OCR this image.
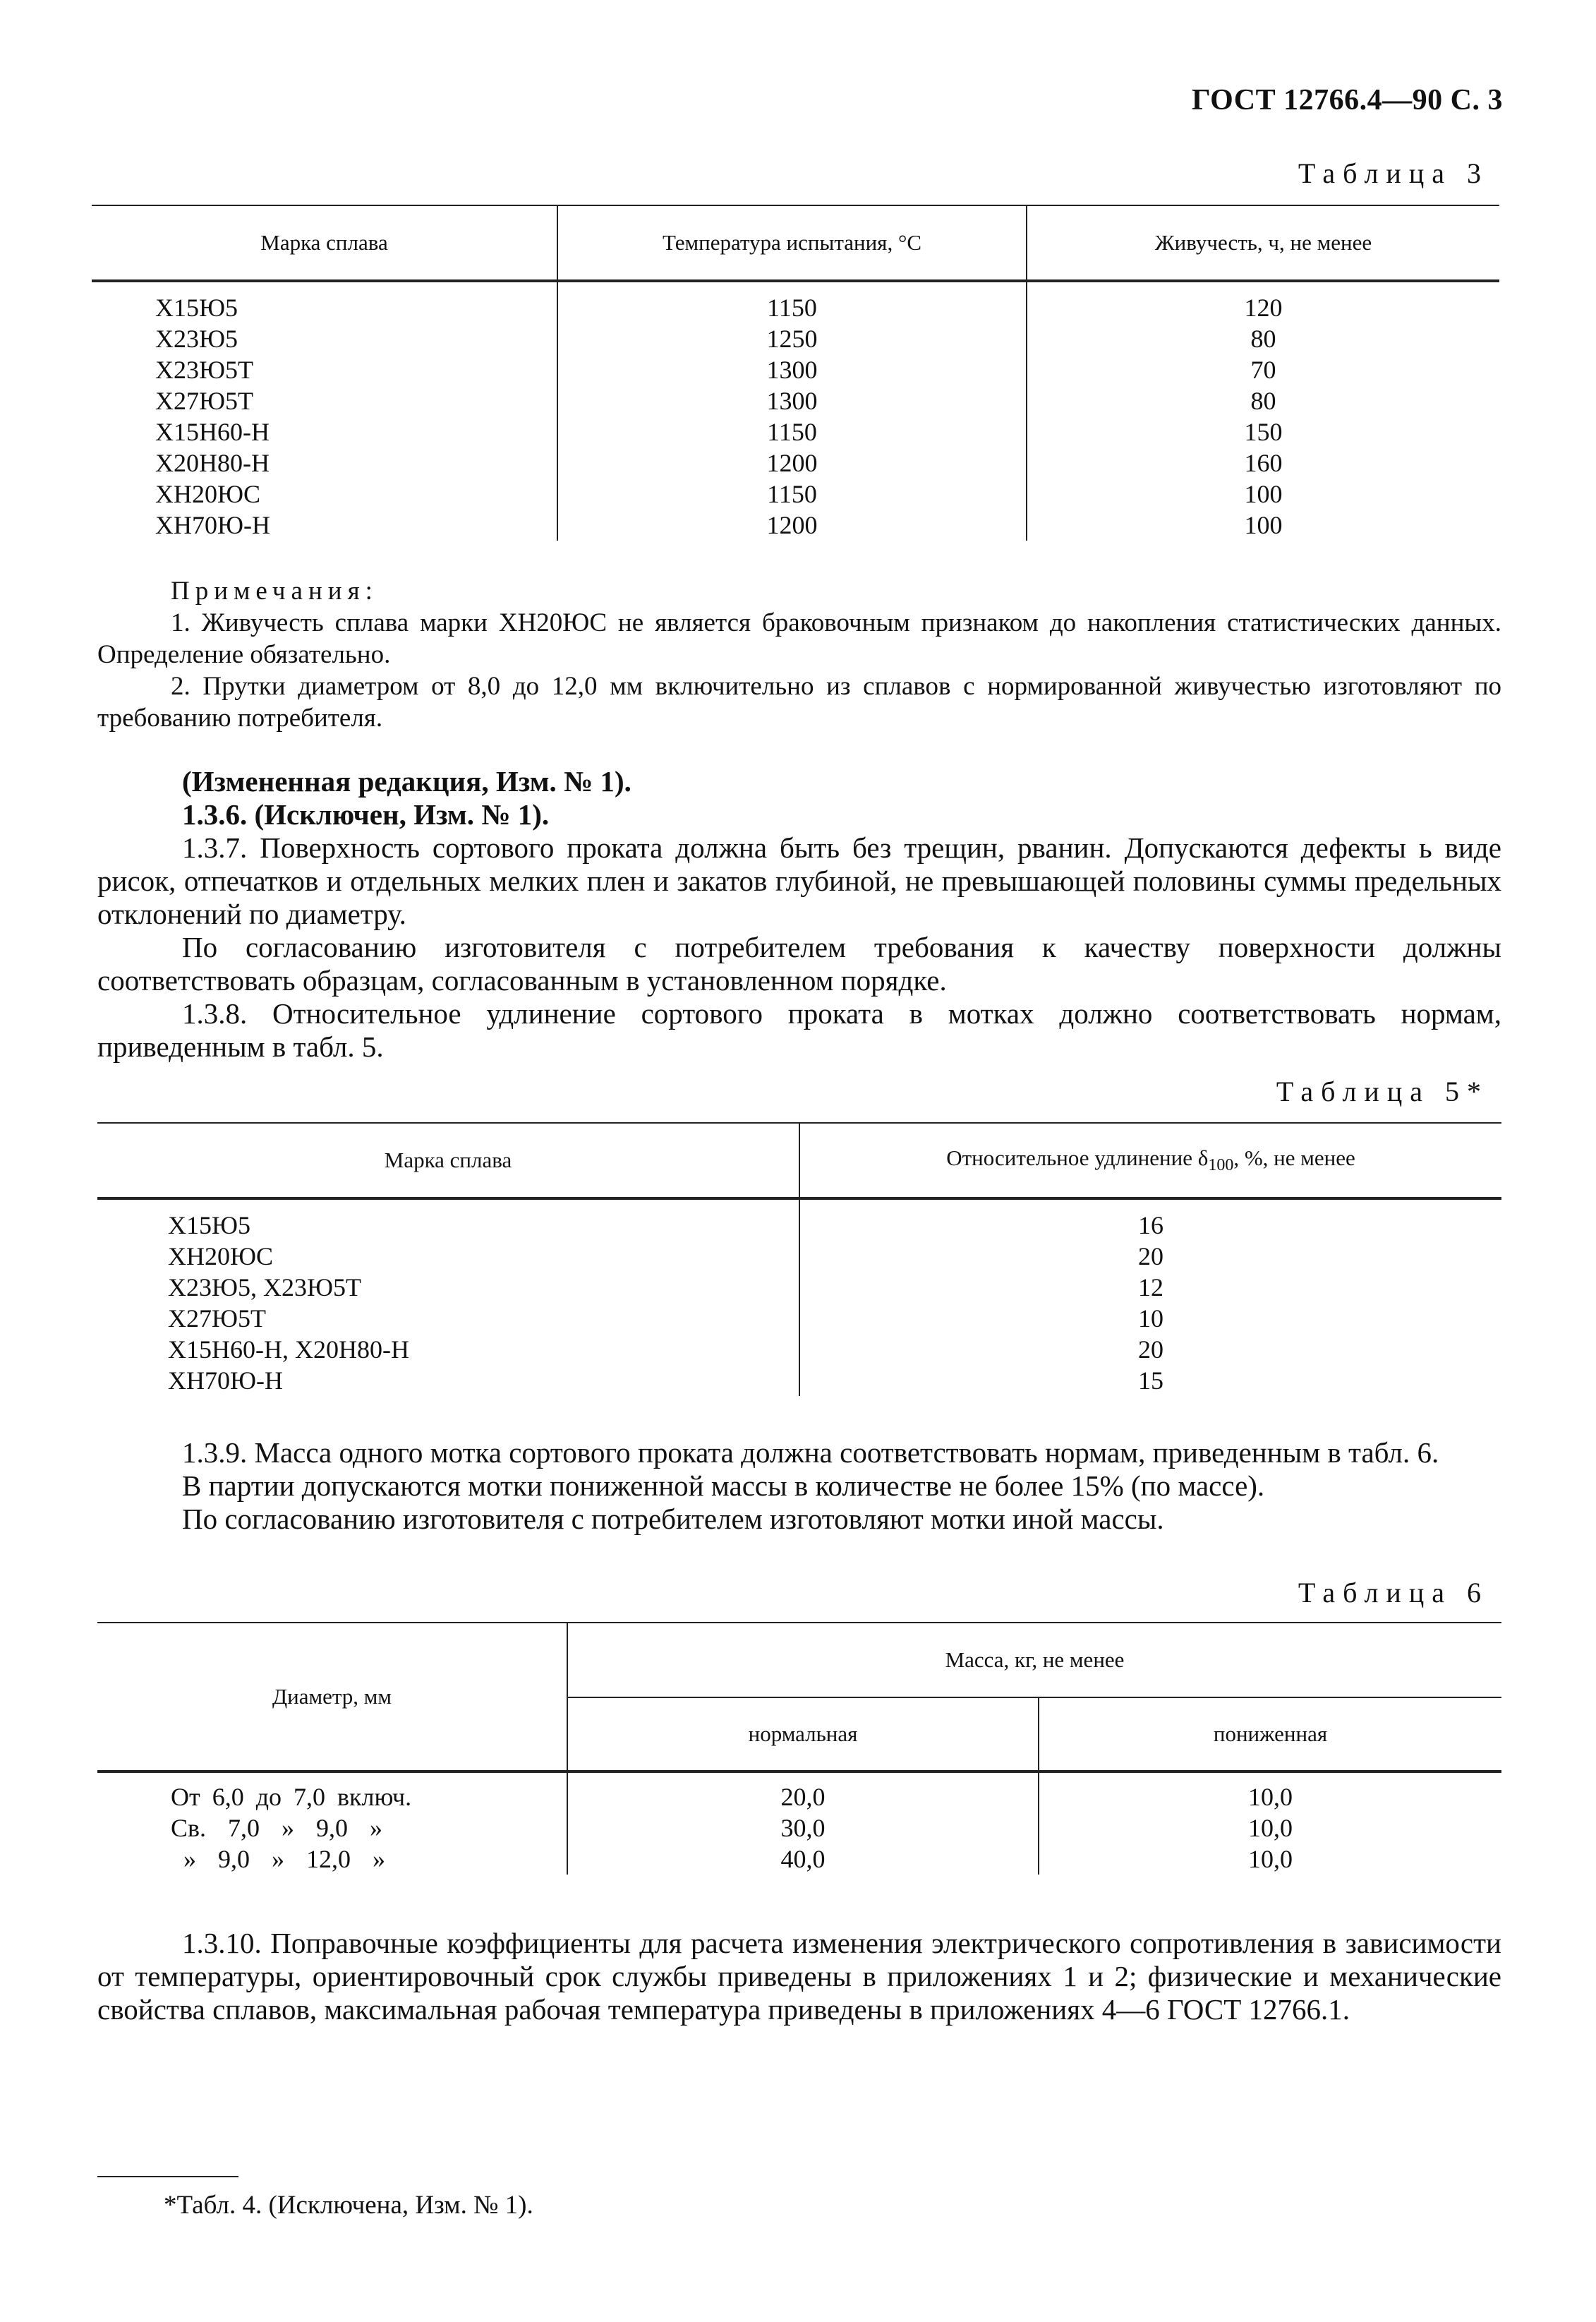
ГОСТ 12766.4—90 С. 3
Таблица 3
Марка сплава	Температура испытания, °С	Живучесть, ч, не менее
Х15Ю5	1150	120
Х23Ю5	1250	80
Х23Ю5Т	1300	70
Х27Ю5Т	1300	80
Х15Н60-Н	1150	150
Х20Н80-Н	1200	160
ХН20ЮС	1150	100
ХН70Ю-Н	1200	100
Примечания:
1. Живучесть сплава марки ХН20ЮС не является браковочным признаком до накопления статистических данных. Определение обязательно.
2. Прутки диаметром от 8,0 до 12,0 мм включительно из сплавов с нормированной живучестью изготовляют по требованию потребителя.
(Измененная редакция, Изм. № 1).
1.3.6. (Исключен, Изм. № 1).
1.3.7. Поверхность сортового проката должна быть без трещин, рванин. Допускаются дефекты ь виде рисок, отпечатков и отдельных мелких плен и закатов глубиной, не превышающей половины суммы предельных отклонений по диаметру.
По согласованию изготовителя с потребителем требования к качеству поверхности должны соответствовать образцам, согласованным в установленном порядке.
1.3.8. Относительное удлинение сортового проката в мотках должно соответствовать нормам, приведенным в табл. 5.
Таблица 5*
Марка сплава	Относительное удлинение $\delta_{100}$, %, не менее
Х15Ю5	16
ХН20ЮС	20
Х23Ю5, Х23Ю5Т	12
Х27Ю5Т	10
Х15Н60-Н, Х20Н80-Н	20
ХН70Ю-Н	15
1.3.9. Масса одного мотка сортового проката должна соответствовать нормам, приведенным в табл. 6.
В партии допускаются мотки пониженной массы в количестве не более 15% (по массе).
По согласованию изготовителя с потребителем изготовляют мотки иной массы.
Таблица 6
Диаметр, мм	Масса, кг, не менее	
	нормальная	пониженная
От 6,0 до 7,0 включ.	20,0	10,0
Св. 7,0 » 9,0 »	30,0	10,0
» 9,0 » 12,0 »	40,0	10,0
1.3.10. Поправочные коэффициенты для расчета изменения электрического сопротивления в зависимости от температуры, ориентировочный срок службы приведены в приложениях 1 и 2; физические и механические свойства сплавов, максимальная рабочая температура приведены в приложениях 4—6 ГОСТ 12766.1.
*Табл. 4. (Исключена, Изм. № 1).
